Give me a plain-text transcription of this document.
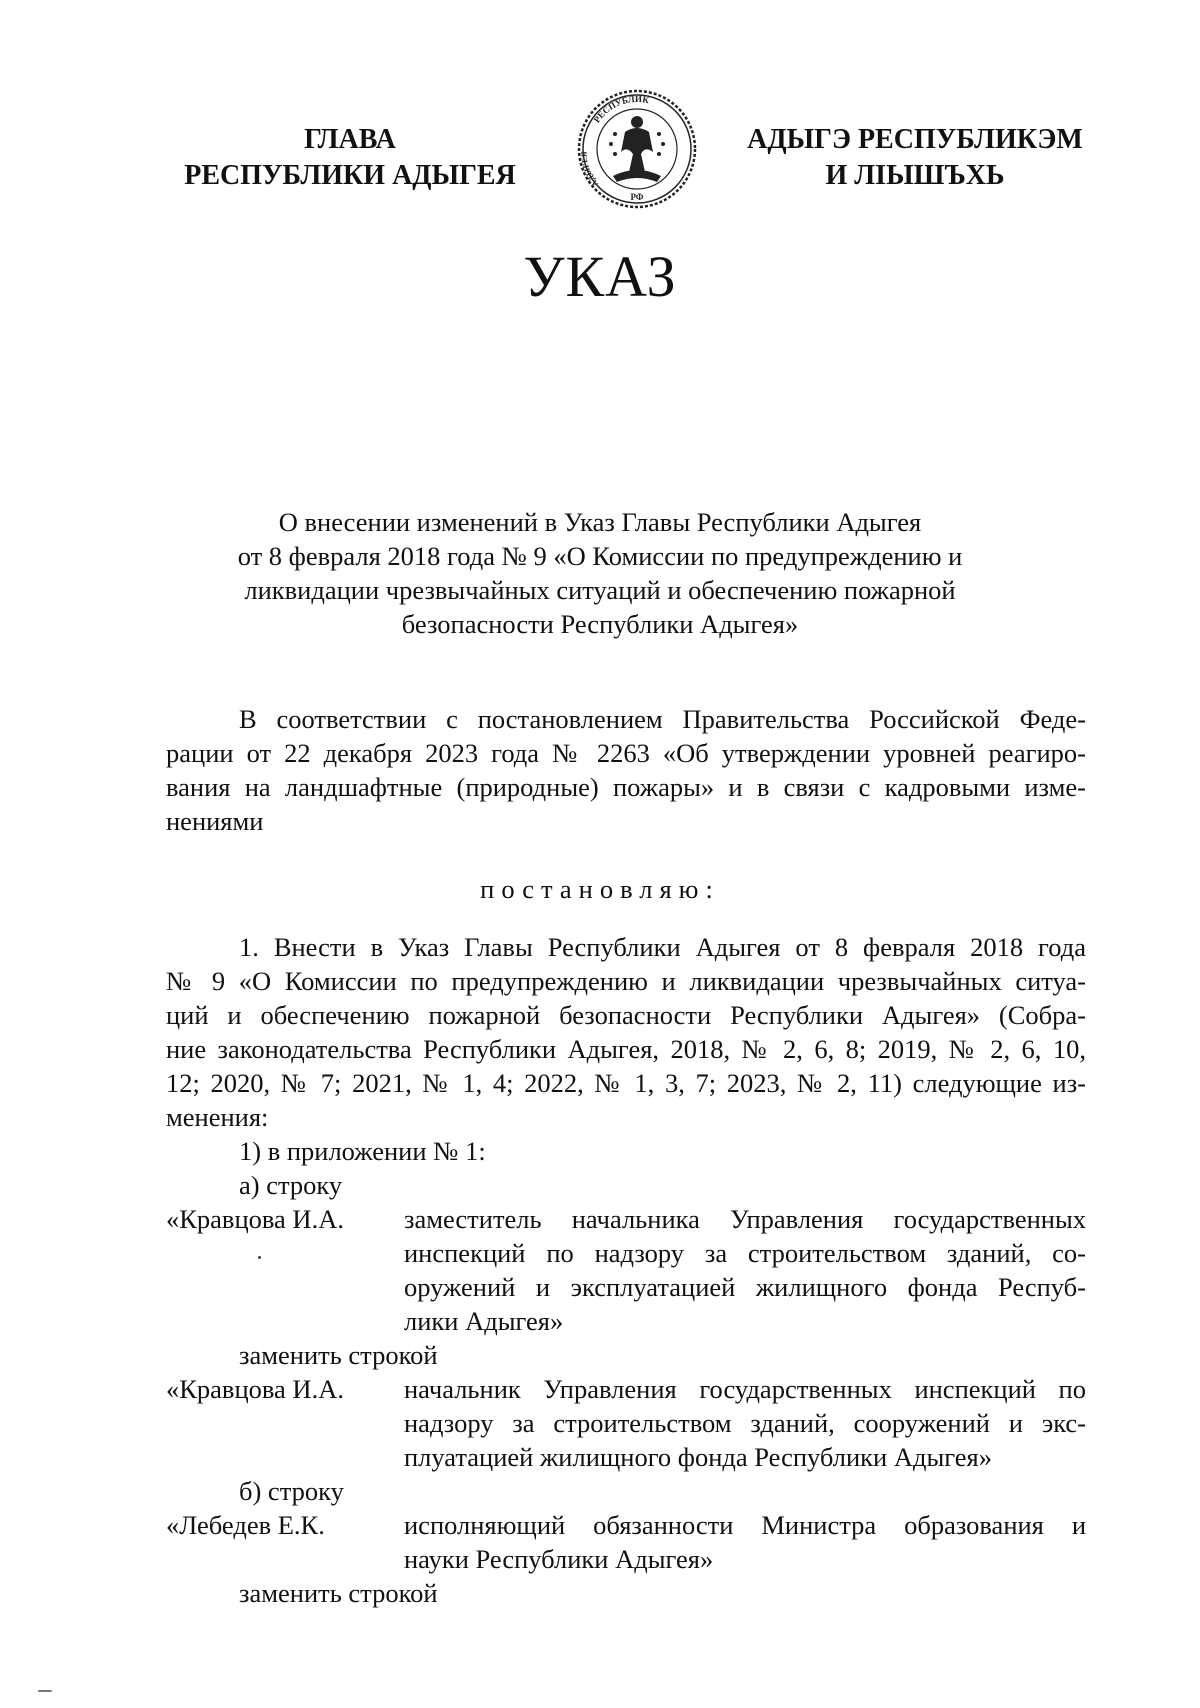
ГЛАВА
РЕСПУБЛИКИ АДЫГЕЯ
РЕСПУБЛИК
АДЫГЕЯ
РФ
АДЫГЭ РЕСПУБЛИКЭМ
И ЛІЫШЪХЬ
УКАЗ
О внесении изменений в Указ Главы Республики Адыгея
от 8 февраля 2018 года № 9 «О Комиссии по предупреждению и
ликвидации чрезвычайных ситуаций и обеспечению пожарной
безопасности Республики Адыгея»
В соответствии с постановлением Правительства Российской Феде-
рации от 22 декабря 2023 года № 2263 «Об утверждении уровней реагиро-
вания на ландшафтные (природные) пожары» и в связи с кадровыми изме-
нениями
постановляю:
1. Внести в Указ Главы Республики Адыгея от 8 февраля 2018 года
№ 9 «О Комиссии по предупреждению и ликвидации чрезвычайных ситуа-
ций и обеспечению пожарной безопасности Республики Адыгея» (Собра-
ние законодательства Республики Адыгея, 2018, № 2, 6, 8; 2019, № 2, 6, 10,
12; 2020, № 7; 2021, № 1, 4; 2022, № 1, 3, 7; 2023, № 2, 11) следующие из-
менения:
1) в приложении № 1:
а) строку
«Кравцова И.А. заместитель начальника Управления государственных
инспекций по надзору за строительством зданий, со-
оружений и эксплуатацией жилищного фонда Респуб-
лики Адыгея»
заменить строкой
«Кравцова И.А. начальник Управления государственных инспекций по
надзору за строительством зданий, сооружений и экс-
плуатацией жилищного фонда Республики Адыгея»
б) строку
«Лебедев Е.К.	исполняющий обязанности Министра образования и
науки Республики Адыгея»
заменить строкой
